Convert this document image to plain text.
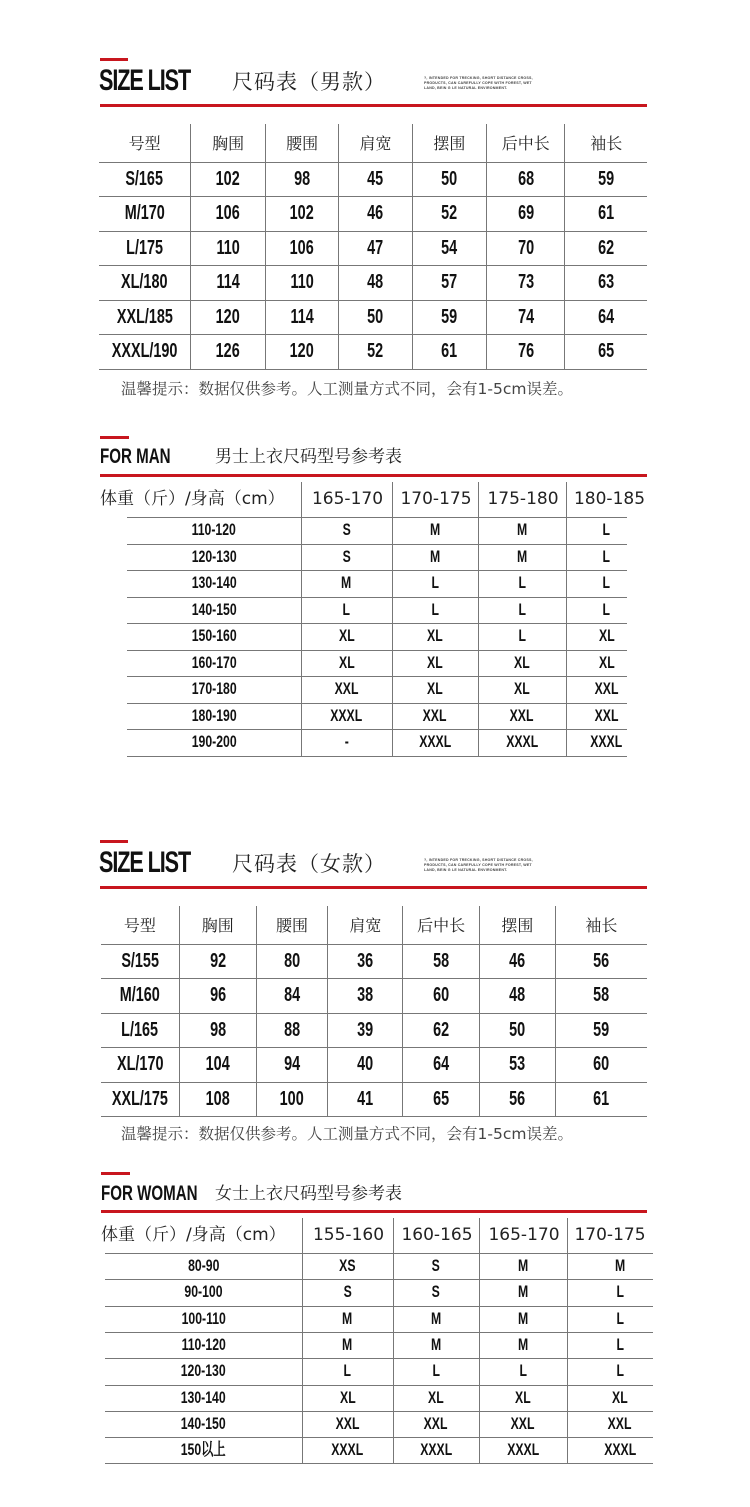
SIZE LIST 尺码表（男款）	?, INTENDED FOR TRECKING, SHORT DISTANCE CROSS, PRODUCTS, CAN CAREFULLY COPE WITH FOREST, WET LAND, BEIN G LE NATURAL ENVIRONMENT.
号型	胸围	腰围	肩宽	摆围	后中长	袖长
S/165	102	98	45	50	68	59
M/170	106	102	46	52	69	61
L/175	110	106	47	54	70	62
XL/180	114	110	48	57	73	63
XXL/185	120	114	50	59	74	64
XXXL/190	126	120	52	61	76	65
温馨提示：数据仅供参考。人工测量方式不同，会有1-5cm误差。
FOR MAN	男士上衣尺码型号参考表
体重（斤）/身高（cm）	165-170	170-175 175-180 180-185
110-120	S	M	M	L
120-130	S	M	M	L
130-140	M	L	L	L
140-150	L	L	L	L
150-160	XL	XL	L	XL
160-170	XL	XL	XL	XL
170-180	XXL	XL	XL	XXL
180-190	XXXL	XXL	XXL	XXL
190-200	-	XXXL	XXXL	XXXL
SIZE LIST 尺码表（女款）	?, INTENDED FOR TRECKING, SHORT DISTANCE CROSS, PRODUCTS, CAN CAREFULLY COPE WITH FOREST, WET LAND, BEIN G LE NATURAL ENVIRONMENT.
号型	胸围	腰围	肩宽	后中长	摆围	袖长
S/155	92	80	36	58	46	56
M/160	96	84	38	60	48	58
L/165	98	88	39	62	50	59
XL/170	104	94	40	64	53	60
XXL/175	108	100	41	65	56	61
温馨提示：数据仅供参考。人工测量方式不同，会有1-5cm误差。
FOR WOMAN 女士上衣尺码型号参考表
体重（斤）/身高（cm）	155-160	160-165 165-170 170-175
80-90	XS	S	M	M
90-100	S	S	M	L
100-110	M	M	M	L
110-120	M	M	M	L
120-130	L	L	L	L
130-140	XL	XL	XL	XL
140-150	XXL	XXL	XXL	XXL
150以上	XXXL	XXXL	XXXL	XXXL
